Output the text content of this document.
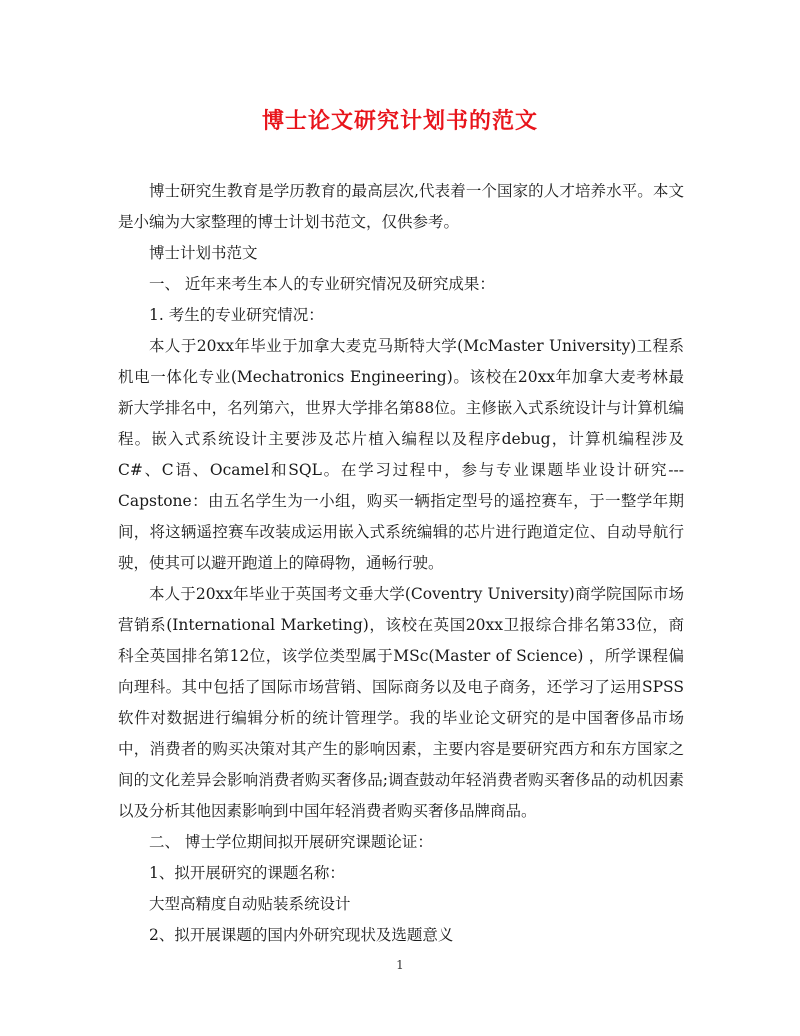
博士论文研究计划书的范文

博士研究生教育是学历教育的最高层次,代表着一个国家的人才培养水平。本文是小编为大家整理的博士计划书范文，仅供参考。

博士计划书范文

一、 近年来考生本人的专业研究情况及研究成果：

1. 考生的专业研究情况：

本人于20xx年毕业于加拿大麦克马斯特大学(McMaster University)工程系机电一体化专业(Mechatronics Engineering)。该校在20xx年加拿大麦考林最新大学排名中，名列第六，世界大学排名第88位。主修嵌入式系统设计与计算机编程。嵌入式系统设计主要涉及芯片植入编程以及程序debug，计算机编程涉及C#、C语、Ocamel和SQL。在学习过程中，参与专业课题毕业设计研究---Capstone：由五名学生为一小组，购买一辆指定型号的遥控赛车，于一整学年期间，将这辆遥控赛车改装成运用嵌入式系统编辑的芯片进行跑道定位、自动导航行驶，使其可以避开跑道上的障碍物，通畅行驶。

本人于20xx年毕业于英国考文垂大学(Coventry University)商学院国际市场营销系(International Marketing)，该校在英国20xx卫报综合排名第33位，商科全英国排名第12位，该学位类型属于MSc(Master of Science) ，所学课程偏向理科。其中包括了国际市场营销、国际商务以及电子商务，还学习了运用SPSS软件对数据进行编辑分析的统计管理学。我的毕业论文研究的是中国奢侈品市场中，消费者的购买决策对其产生的影响因素，主要内容是要研究西方和东方国家之间的文化差异会影响消费者购买奢侈品;调查鼓动年轻消费者购买奢侈品的动机因素以及分析其他因素影响到中国年轻消费者购买奢侈品牌商品。

二、 博士学位期间拟开展研究课题论证：

1、拟开展研究的课题名称：

大型高精度自动贴装系统设计

2、拟开展课题的国内外研究现状及选题意义

1
